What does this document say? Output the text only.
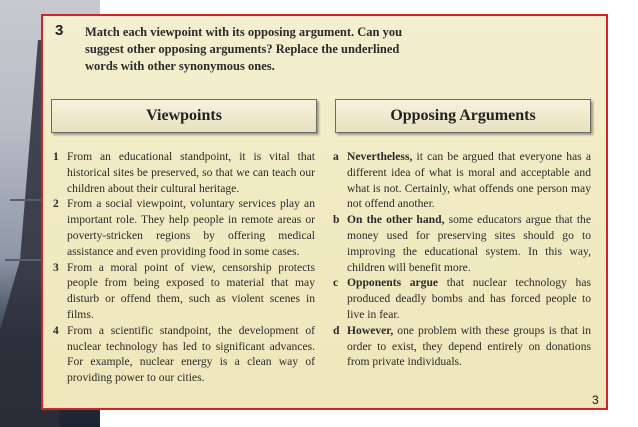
3 Match each viewpoint with its opposing argument. Can you suggest other opposing arguments? Replace the underlined words with other synonymous ones.
Viewpoints	Opposing Arguments
1 From an educational standpoint, it is vital that historical sites be preserved, so that we can teach our children about their cultural heritage.
2 From a social viewpoint, voluntary services play an important role. They help people in remote areas or poverty-stricken regions by offering medical assistance and even providing food in some cases.
3 From a moral point of view, censorship protects people from being exposed to material that may disturb or offend them, such as violent scenes in films.
4 From a scientific standpoint, the development of nuclear technology has led to significant advances. For example, nuclear energy is a clean way of providing power to our cities.
a Nevertheless, it can be argued that everyone has a different idea of what is moral and acceptable and what is not. Certainly, what offends one person may not offend another.
b On the other hand, some educators argue that the money used for preserving sites should go to improving the educational system. In this way, children will benefit more.
c Opponents argue that nuclear technology has produced deadly bombs and has forced people to live in fear.
d However, one problem with these groups is that in order to exist, they depend entirely on donations from private individuals.
3
